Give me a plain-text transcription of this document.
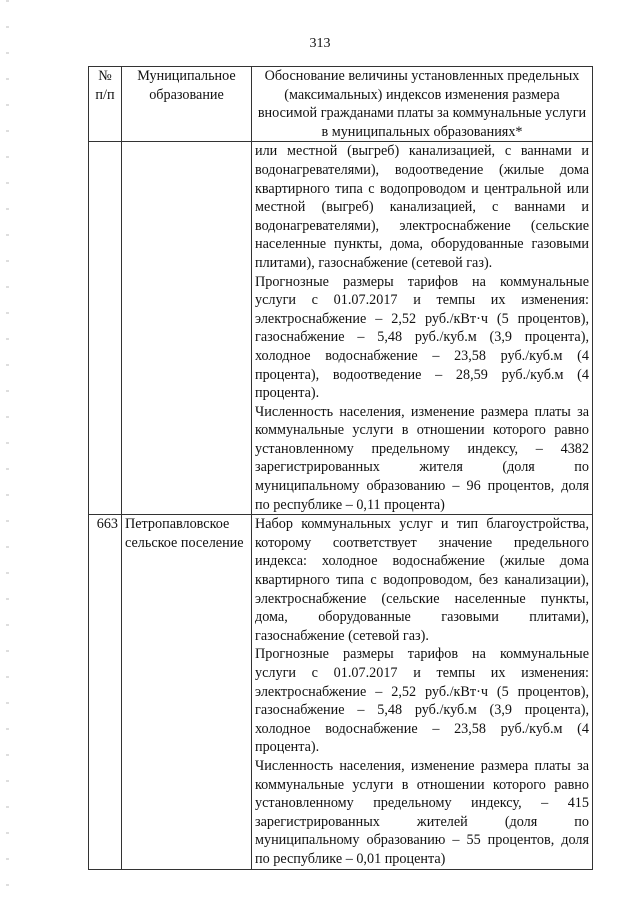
313
№ п/п	Муниципальное образование	Обоснование величины установленных предельных (максимальных) индексов изменения размера вносимой гражданами платы за коммунальные услуги в муниципальных образованиях*

		или местной (выгреб) канализацией, с ваннами и водонагревателями), водоотведение (жилые дома квартирного типа с водопроводом и центральной или местной (выгреб) канализацией, с ваннами и водонагревателями), электроснабжение (сельские населенные пункты, дома, оборудованные газовыми плитами), газоснабжение (сетевой газ).

Прогнозные размеры тарифов на коммунальные услуги с 01.07.2017 и темпы их изменения: электроснабжение – 2,52 руб./кВт·ч (5 процентов), газоснабжение – 5,48 руб./куб.м (3,9 процента), холодное водоснабжение – 23,58 руб./куб.м (4 процента), водоотведение – 28,59 руб./куб.м (4 процента).

Численность населения, изменение размера платы за коммунальные услуги в отношении которого равно установленному предельному индексу, – 4382 зарегистрированных жителя (доля по муниципальному образованию – 96 процентов, доля по республике – 0,11 процента)

663	Петропавловское сельское поселение	Набор коммунальных услуг и тип благоустройства, которому соответствует значение предельного индекса: холодное водоснабжение (жилые дома квартирного типа с водопроводом, без канализации), электроснабжение (сельские населенные пункты, дома, оборудованные газовыми плитами), газоснабжение (сетевой газ).

Прогнозные размеры тарифов на коммунальные услуги с 01.07.2017 и темпы их изменения: электроснабжение – 2,52 руб./кВт·ч (5 процентов), газоснабжение – 5,48 руб./куб.м (3,9 процента), холодное водоснабжение – 23,58 руб./куб.м (4 процента).

Численность населения, изменение размера платы за коммунальные услуги в отношении которого равно установленному предельному индексу, – 415 зарегистрированных жителей (доля по муниципальному образованию – 55 процентов, доля по республике – 0,01 процента)
